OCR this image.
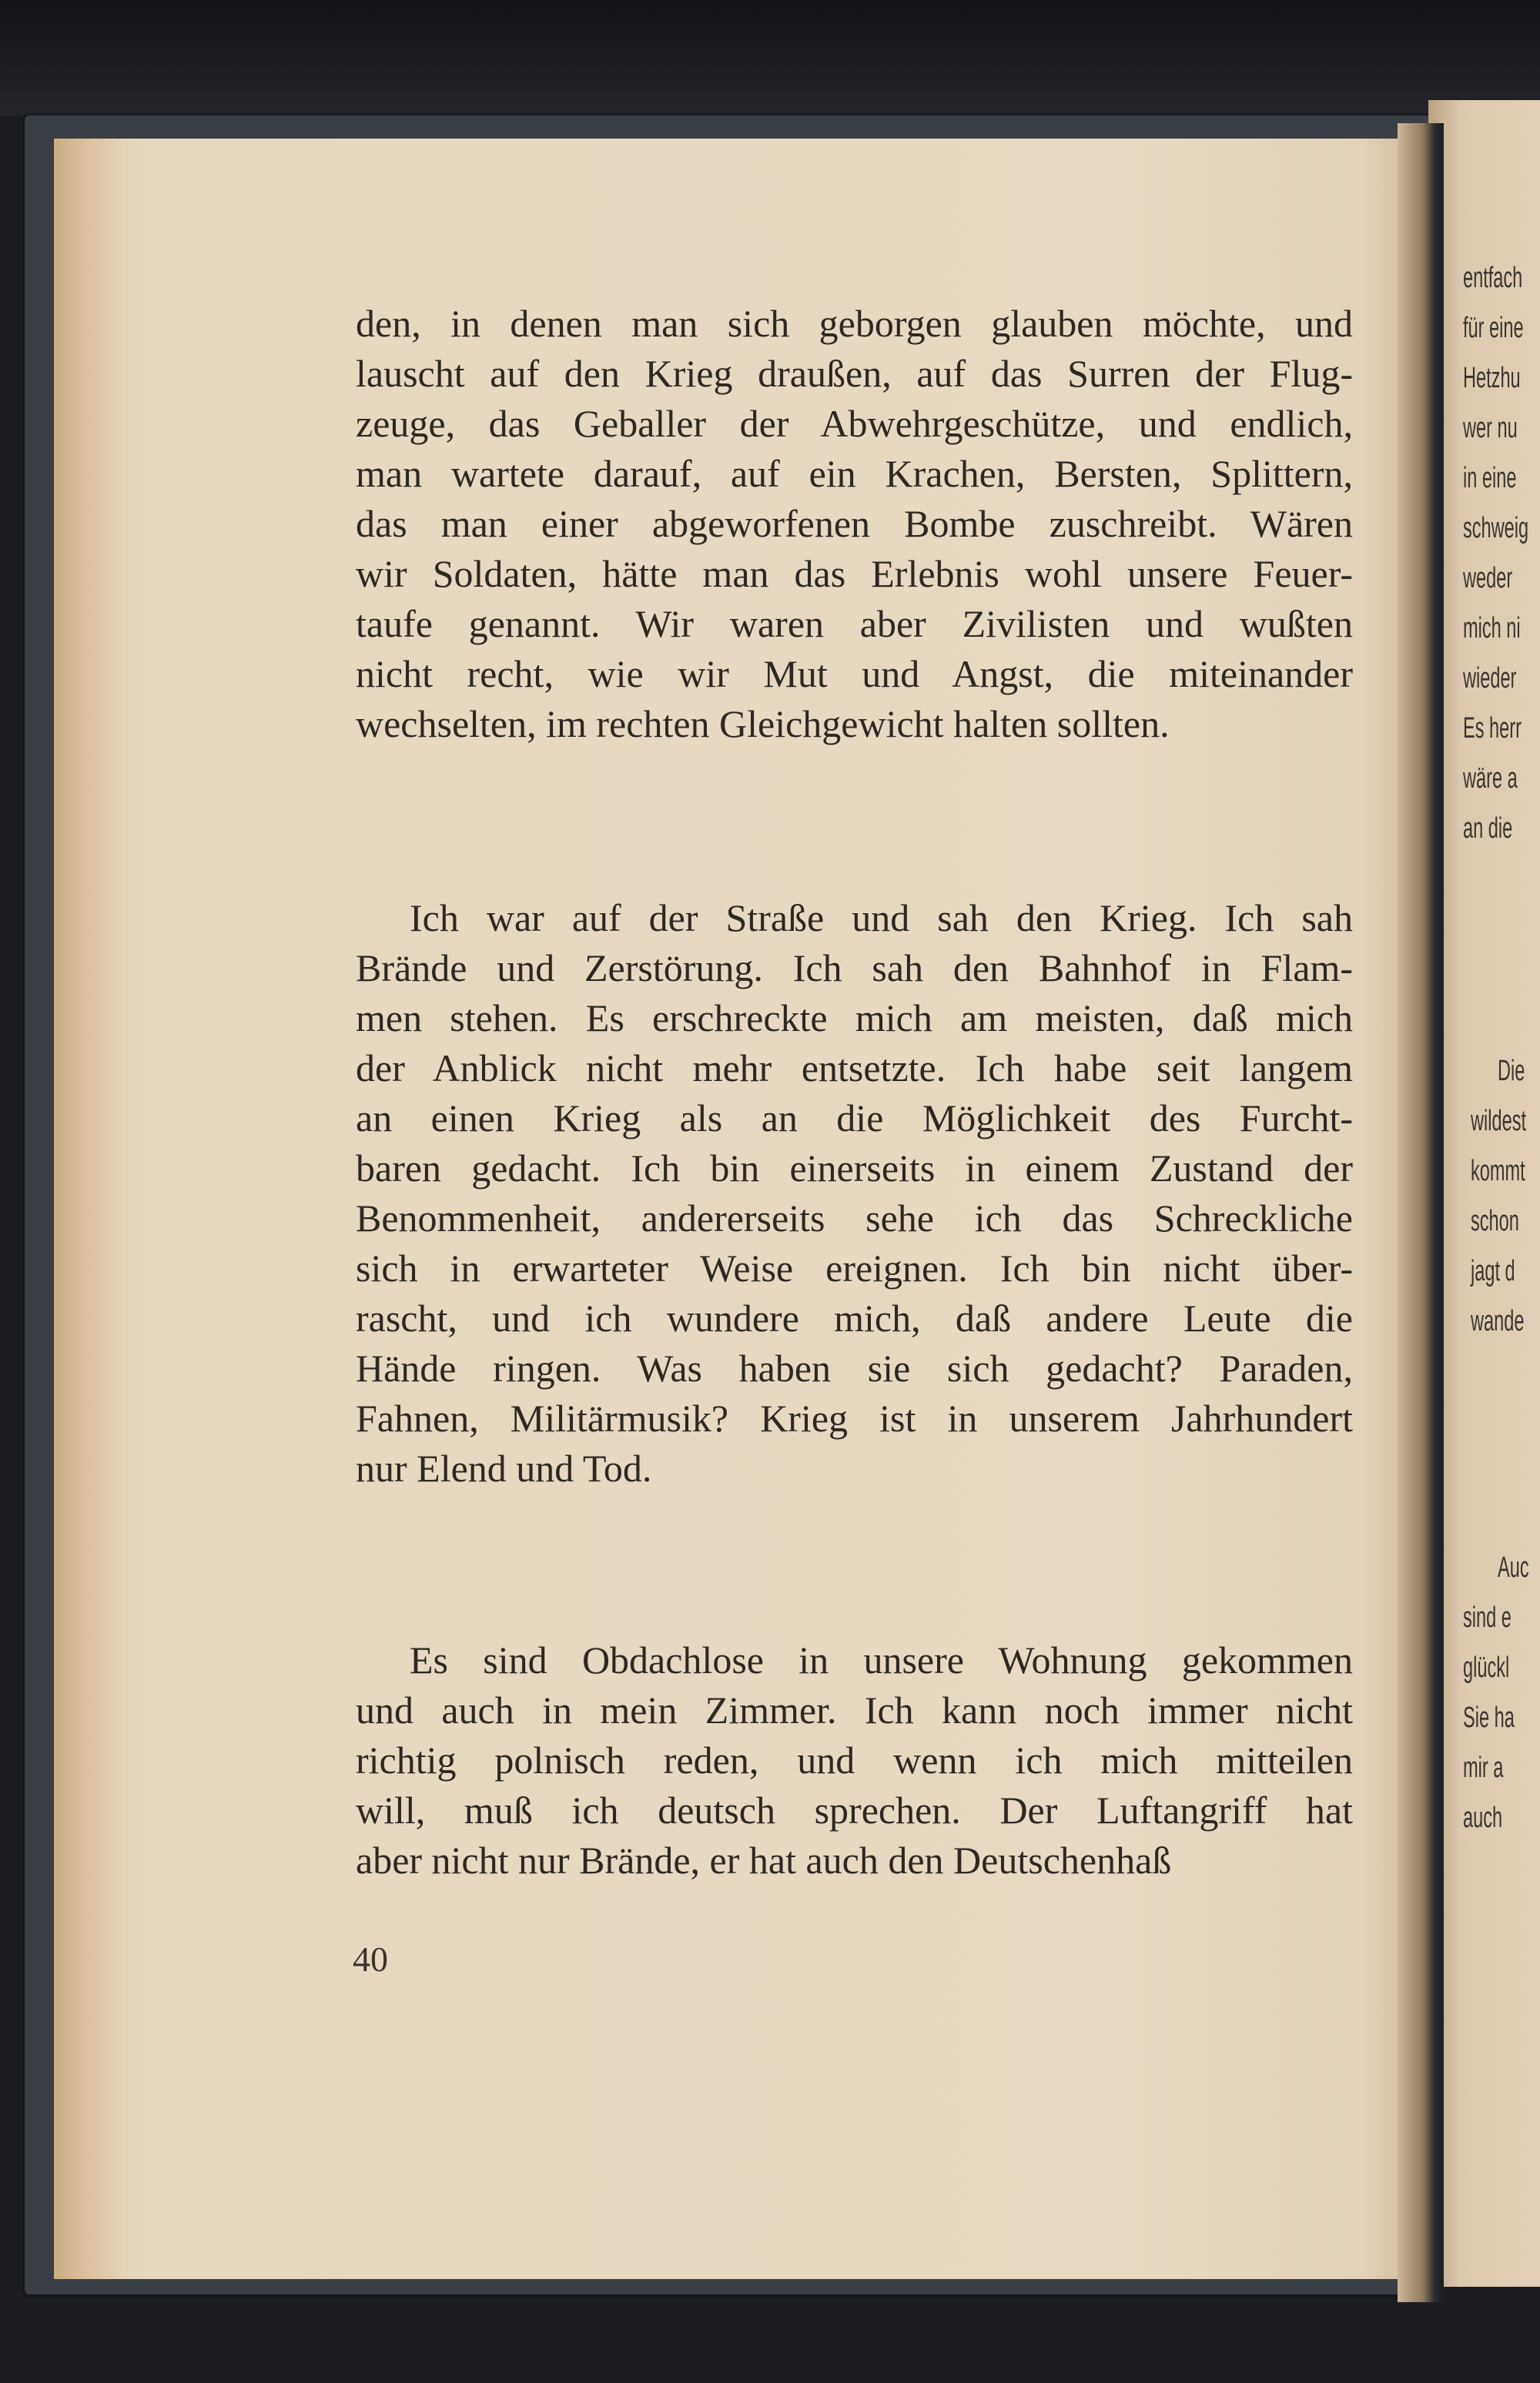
den, in denen man sich geborgen glauben möchte, und
lauscht auf den Krieg draußen, auf das Surren der Flug-
zeuge, das Geballer der Abwehrgeschütze, und endlich,
man wartete darauf, auf ein Krachen, Bersten, Splittern,
das man einer abgeworfenen Bombe zuschreibt. Wären
wir Soldaten, hätte man das Erlebnis wohl unsere Feuer-
taufe genannt. Wir waren aber Zivilisten und wußten
nicht recht, wie wir Mut und Angst, die miteinander
wechselten, im rechten Gleichgewicht halten sollten.
Ich war auf der Straße und sah den Krieg. Ich sah
Brände und Zerstörung. Ich sah den Bahnhof in Flam-
men stehen. Es erschreckte mich am meisten, daß mich
der Anblick nicht mehr entsetzte. Ich habe seit langem
an einen Krieg als an die Möglichkeit des Furcht-
baren gedacht. Ich bin einerseits in einem Zustand der
Benommenheit, andererseits sehe ich das Schreckliche
sich in erwarteter Weise ereignen. Ich bin nicht über-
rascht, und ich wundere mich, daß andere Leute die
Hände ringen. Was haben sie sich gedacht? Paraden,
Fahnen, Militärmusik? Krieg ist in unserem Jahrhundert
nur Elend und Tod.
Es sind Obdachlose in unsere Wohnung gekommen
und auch in mein Zimmer. Ich kann noch immer nicht
richtig polnisch reden, und wenn ich mich mitteilen
will, muß ich deutsch sprechen. Der Luftangriff hat
aber nicht nur Brände, er hat auch den Deutschenhaß
40
entfach
für eine
Hetzhu
wer nu
in eine
schweig
weder
mich ni
wieder
Es herr
wäre a
an die
Die
wildest
kommt
schon
jagt d
wande
Auc
sind e
glückl
Sie ha
mir a
auch
